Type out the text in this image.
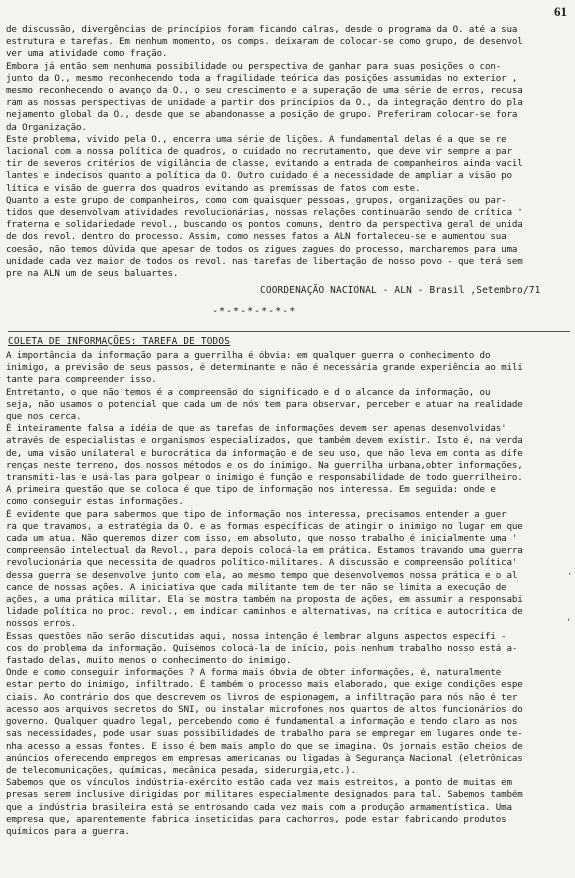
61
de discussão, divergências de princípios foram ficando calras, desde o programa da O. até a sua
estrutura e tarefas. Em nenhum momento, os comps. deixaram de colocar-se como grupo, de desenvol
ver uma atividade como fração.
Embora já então sem nenhuma possibilidade ou perspectiva de ganhar para suas posições o con-
junto da O., mesmo reconhecendo toda a fragilidade teórica das posições assumidas no exterior ,
mesmo reconhecendo o avanço da O., o seu crescimento e a superação de uma série de erros, recusa
ram as nossas perspectivas de unidade a partir dos princípios da O., da integração dentro do pla
nejamento global da O., desde que se abandonasse a posição de grupo. Preferiram colocar-se fora
da Organização.
Este problema, vivido pela O., encerra uma série de lições. A fundamental delas é a que se re
lacional com a nossa política de quadros, o cuidado no recrutamento, que deve vir sempre a par
tir de severos critérios de vigilância de classe, evitando a entrada de companheiros ainda vacil
lantes e indecisos quanto a política da O. Outro cuidado é a necessidade de ampliar a visão po
lítica e visão de guerra dos quadros evitando as premissas de fatos com este.
Quanto a este grupo de companheiros, como com quaisquer pessoas, grupos, organizações ou par-
tidos que desenvolvam atividades revolucionárias, nossas relações continuarão sendo de crítica '
fraterna e solidariedade revol., buscando os pontos comuns, dentro da perspectiva geral de unida
de dos revol. dentro do processo. Assim, como nesses fatos a ALN fortaleceu-se e aumentou sua
coesão, não temos dúvida que apesar de todos os zigues zagues do processo, marcharemos para uma
unidade cada vez maior de todos os revol. nas tarefas de libertação de nosso povo - que terá sem
pre na ALN um de seus baluartes.
COORDENAÇÃO NACIONAL - ALN - Brasil ,Setembro/71
-*-*-*-*-*-*
COLETA DE INFORMAÇÕES: TAREFA DE TODOS
A importância da informação para a guerrilha é óbvia: em qualquer guerra o conhecimento do
inimigo, a previsão de seus passos, é determinante e não é necessária grande experiência ao mili
tante para compreender isso.
Entretanto, o que não temos é a compreensão do significado e d o alcance da informação, ou
seja, não usamos o potencial que cada um de nós tem para observar, perceber e atuar na realidade
que nos cerca.
É inteiramente falsa a idéia de que as tarefas de informações devem ser apenas desenvolvidas'
através de especialistas e organismos especializados, que também devem existir. Isto é, na verda
de, uma visão unilateral e burocrática da informação e de seu uso, que não leva em conta as dife
renças neste terreno, dos nossos métodos e os do inimigo. Na guerrilha urbana,obter informações,
transmiti-las e usá-las para golpear o inimigo é função e responsabilidade de todo guerrilheiro.
A primeira questão que se coloca é que tipo de informação nos interessa. Em seguida: onde e
como conseguir estas informações.
É evidente que para sabermos que tipo de informação nos interessa, precisamos entender a guer
ra que travamos, a estratégia da O. e as formas específicas de atingir o inimigo no lugar em que
cada um atua. Não queremos dizer com isso, em absoluto, que nosso trabalho é inicialmente uma '
compreensão intelectual da Revol., para depois colocá-la em prática. Estamos travando uma guerra
revolucionária que necessita de quadros político-militares. A discussão e compreensão política'
dessa guerra se desenvolve junto com ela, ao mesmo tempo que desenvolvemos nossa prática e o al
cance de nossas ações. A iniciativa que cada militante tem de ter não se limita a execução de
ações, a uma prática militar. Ela se mostra também na proposta de ações, em assumir a responsabi
lidade política no proc. revol., em indicar caminhos e alternativas, na crítica e autocrítica de
nossos erros.
Essas questões não serão discutidas aqui, nossa intenção é lembrar alguns aspectos específi -
cos do problema da informação. Quisemos colocá-la de início, pois nenhum trabalho nosso está a-
fastado delas, muito menos o conhecimento do inimigo.
Onde e como conseguir informações ? A forma mais óbvia de obter informações, é, naturalmente
estar perto do inimigo, infiltrado. É também o processo mais elaborado, que exige condições espe
ciais. Ao contrário dos que descrevem os livros de espionagem, a infiltração para nós não é ter
acesso aos arquivos secretos do SNI, ou instalar microfones nos quartos de altos funcionários do
governo. Qualquer quadro legal, percebendo como é fundamental a informação e tendo claro as nos
sas necessidades, pode usar suas possibilidades de trabalho para se empregar em lugares onde te-
nha acesso a essas fontes. E isso é bem mais amplo do que se imagina. Os jornais estão cheios de
anúncios oferecendo empregos em empresas americanas ou ligadas à Segurança Nacional (eletrônicas
de telecomunicações, químicas, mecânica pesada, siderurgia,etc.).
Sabemos que os vínculos indústria-exército estão cada vez mais estreitos, a ponto de muitas em
presas serem inclusive dirigidas por militares especialmente designados para tal. Sabemos também
que a indústria brasileira está se entrosando cada vez mais com a produção armamentística. Uma
empresa que, aparentemente fabrica inseticidas para cachorros, pode estar fabricando produtos
químicos para a guerra.
'
'
